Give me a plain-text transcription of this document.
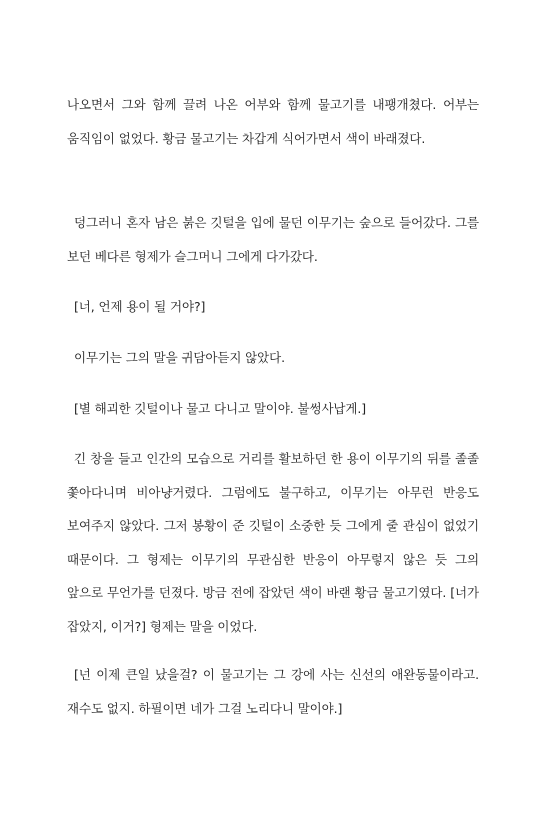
나오면서 그와 함께 끌려 나온 어부와 함께 물고기를 내팽개쳤다. 어부는 움직임이 없었다. 황금 물고기는 차갑게 식어가면서 색이 바래졌다.

덩그러니 혼자 남은 붉은 깃털을 입에 물던 이무기는 숲으로 들어갔다. 그를 보던 베다른 형제가 슬그머니 그에게 다가갔다.

[너, 언제 용이 될 거야?]

이무기는 그의 말을 귀담아듣지 않았다.

[별 해괴한 깃털이나 물고 다니고 말이야. 불썽사납게.]

긴 창을 들고 인간의 모습으로 거리를 활보하던 한 용이 이무기의 뒤를 졸졸 쫓아다니며 비아냥거렸다. 그럼에도 불구하고, 이무기는 아무런 반응도 보여주지 않았다. 그저 봉황이 준 깃털이 소중한 듯 그에게 줄 관심이 없었기 때문이다. 그 형제는 이무기의 무관심한 반응이 아무렇지 않은 듯 그의 앞으로 무언가를 던졌다. 방금 전에 잡았던 색이 바랜 황금 물고기였다. [너가 잡았지, 이거?] 형제는 말을 이었다.

[넌 이제 큰일 났을걸? 이 물고기는 그 강에 사는 신선의 애완동물이라고. 재수도 없지. 하필이면 네가 그걸 노리다니 말이야.]
